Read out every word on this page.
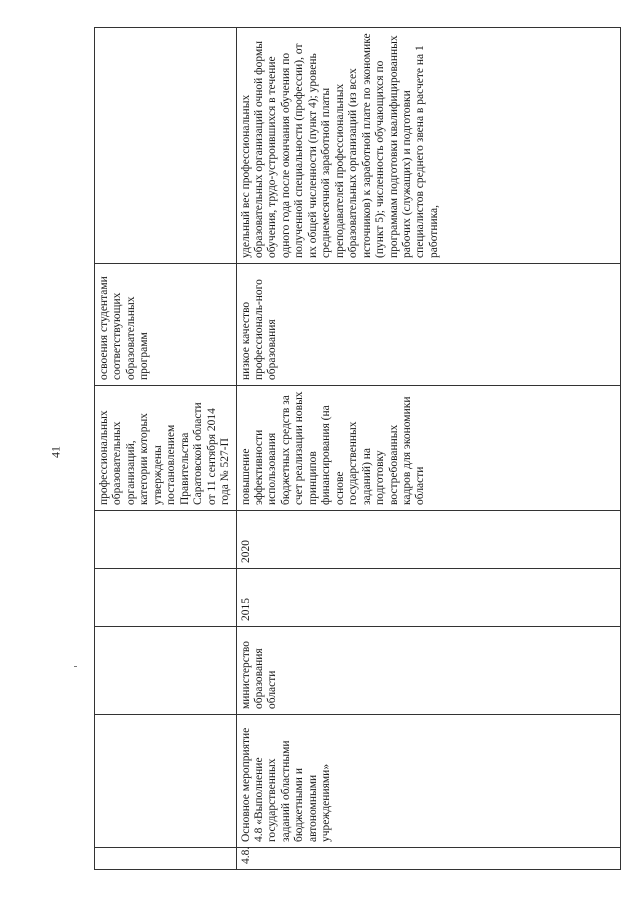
41

					профессиональных образовательных организаций, категории которых утверждены постановлением Правительства Саратовской области от 11 сентября 2014 года № 527-П	освоения студентами соответствующих образовательных программ	

4.8.	Основное мероприятие 4.8 «Выполнение государственных заданий областными бюджетными и автономными учреждениями»	министерство образования области	2015	2020	повышение эффективности использования бюджетных средств за счет реализации новых принципов финансирования (на основе государственных заданий) на подготовку востребованных кадров для экономики области	низкое качество профессиональ-ного образования	удельный вес профессиональных образовательных организаций очной формы обучения, трудо-устроившихся в течение одного года после окончания обучения по полученной специальности (профессии), от их общей численности (пункт 4); уровень среднемесячной заработной платы преподавателей профессиональных образовательных организаций (из всех источников) к заработной плате по экономике (пункт 5); численность обучающихся по программам подготовки квалифицированных рабочих (служащих) и подготовки специалистов среднего звена в расчете на 1 работника,
